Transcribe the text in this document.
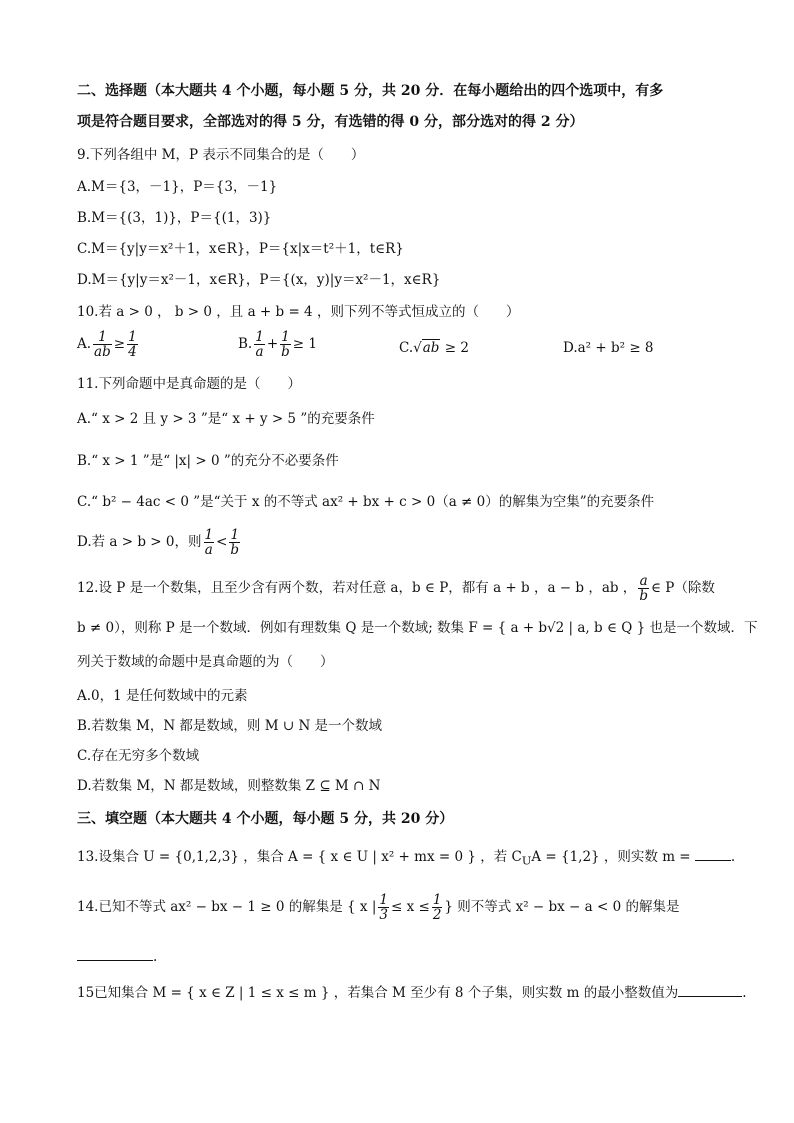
二、选择题（本大题共 4 个小题，每小题 5 分，共 20 分．在每小题给出的四个选项中，有多
项是符合题目要求，全部选对的得 5 分，有选错的得 0 分，部分选对的得 2 分）
9.下列各组中 M，P 表示不同集合的是（　　）
A.M＝{3，－1}，P＝{3，－1}
B.M＝{(3，1)}，P＝{(1，3)}
C.M＝{y|y＝x²＋1，x∈R}，P＝{x|x＝t²＋1，t∈R}
D.M＝{y|y＝x²－1，x∈R}，P＝{(x，y)|y＝x²－1，x∈R}
10.若 a > 0 ， b > 0 ，且 a + b = 4 ，则下列不等式恒成立的（　　）
A. $\frac{1}{ab} \ge \frac{1}{4}$	B. $\frac{1}{a} + \frac{1}{b} \ge 1$	C.√ab ≥ 2	D.a² + b² ≥ 8
11.下列命题中是真命题的是（　　）
A.“ x > 2 且 y > 3 ”是“ x + y > 5 ”的充要条件
B.“ x > 1 ”是“ |x| > 0 ”的充分不必要条件
C.“ b² − 4ac < 0 ”是“关于 x 的不等式 ax² + bx + c > 0（a ≠ 0）的解集为空集”的充要条件
D.若 a > b > 0，则 $\frac{1}{a} < \frac{1}{b}$
12.设 P 是一个数集，且至少含有两个数，若对任意 a，b ∈ P，都有 a + b ，a − b ，ab ， $\frac{a}{b}$ ∈ P（除数
b ≠ 0），则称 P 是一个数域．例如有理数集 Q 是一个数域; 数集 F = { a + b√2 | a, b ∈ Q } 也是一个数域．下
列关于数域的命题中是真命题的为（　　）
A.0，1 是任何数域中的元素
B.若数集 M，N 都是数域，则 M ∪ N 是一个数域
C.存在无穷多个数域
D.若数集 M，N 都是数域，则整数集 Z ⊆ M ∩ N
三、填空题（本大题共 4 个小题，每小题 5 分，共 20 分）
13.设集合 U = {0,1,2,3} ，集合 A = { x ∈ U | x² + mx = 0 } ，若 $C_UA = \{1,2\}$ ，则实数 m =	.
14.已知不等式 ax² − bx − 1 ≥ 0 的解集是 { x | $\frac{1}{3} \le x \le \frac{1}{2}$ } 则不等式 x² − bx − a < 0 的解集是
.
15已知集合 M = { x ∈ Z | 1 ≤ x ≤ m } ，若集合 M 至少有 8 个子集，则实数 m 的最小整数值为	.
